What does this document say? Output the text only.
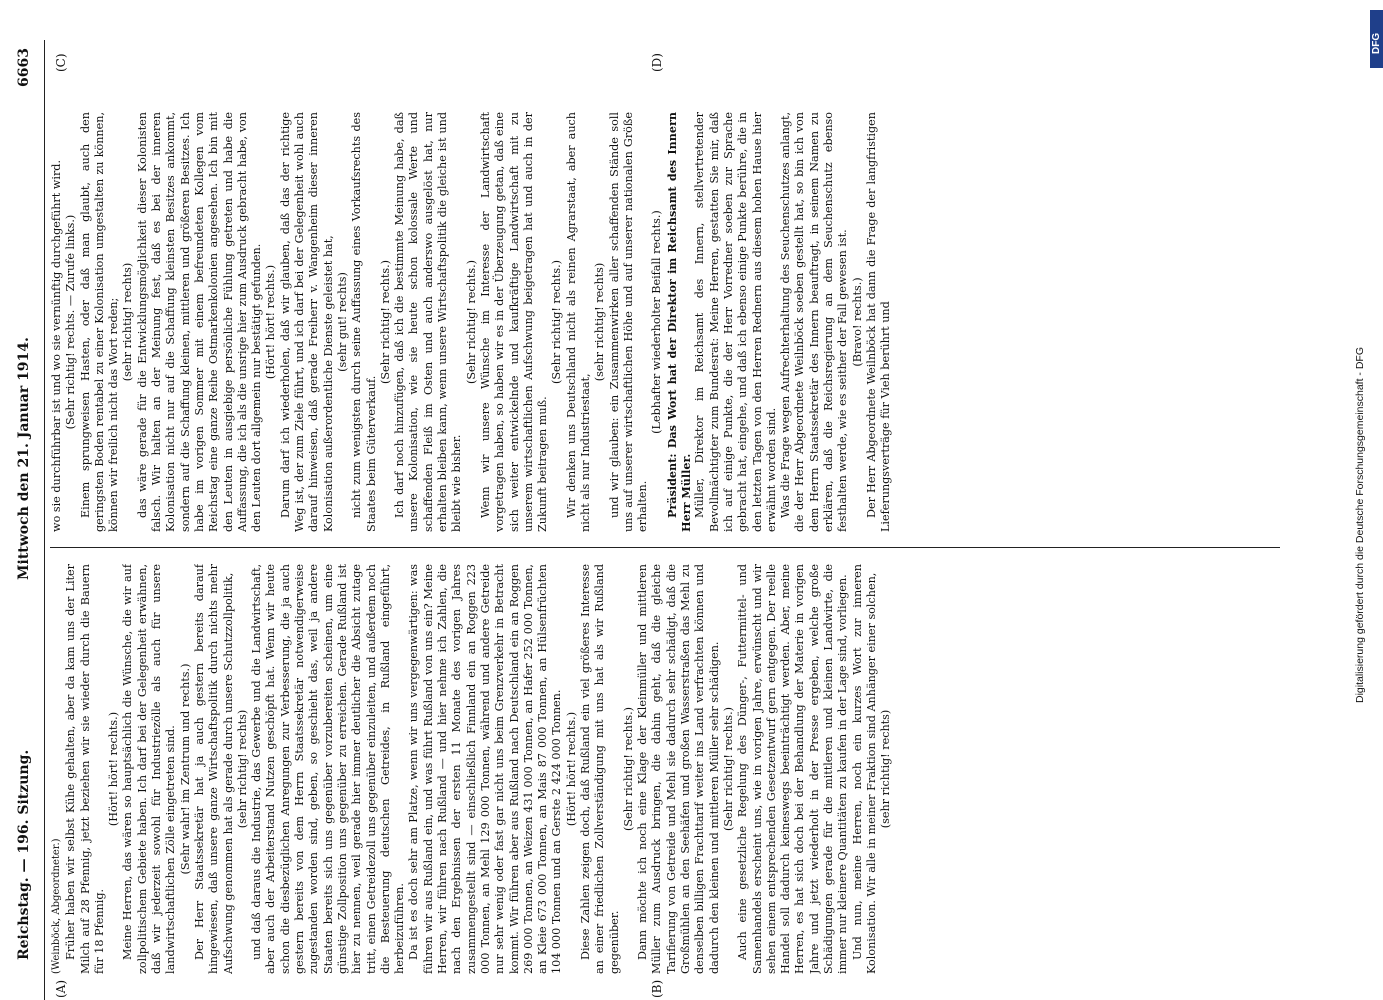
Reichstag. — 196. Sitzung.
Mittwoch den 21. Januar 1914.
6663
(A)	(B)
(C)	(D)

(Weinböck, Abgeordneter.) Früher haben wir selbst Kühe gehalten, aber da kam uns der Liter Milch auf 28 Pfennig, jetzt beziehen wir sie wieder durch die Bauern für 18 Pfennig.

(Hört! hört! rechts.) Meine Herren, das wären so hauptsächlich die Wünsche, die wir auf zollpolitischem Gebiete haben. Ich darf bei der Gelegenheit erwähnen, daß wir jederzeit sowohl für Industriezölle als auch für unsere landwirtschaftlichen Zölle eingetreten sind. (Sehr wahr! im Zentrum und rechts.) Der Herr Staatssekretär hat ja auch gestern bereits darauf hingewiesen, daß unsere ganze Wirtschaftspolitik durch nichts mehr Aufschwung genommen hat als gerade durch unsere Schutzzollpolitik, (sehr richtig! rechts) und daß daraus die Industrie, das Gewerbe und die Landwirtschaft, aber auch der Arbeiterstand Nutzen geschöpft hat. Wenn wir heute schon die diesbezüglichen Anregungen zur Verbesserung, die ja auch gestern bereits von dem Herrn Staatssekretär notwendigerweise zugestanden worden sind, geben, so geschieht das, weil ja andere Staaten bereits sich uns gegenüber vorzubereiten scheinen, um eine günstige Zollposition uns gegenüber zu erreichen. Gerade Rußland ist hier zu nennen, weil gerade hier immer deutlicher die Absicht zutage tritt, einen Getreidezoll uns gegenüber einzuleiten, und außerdem noch die Besteuerung deutschen Getreides, in Rußland eingeführt, herbeizuführen. Da ist es doch sehr am Platze, wenn wir uns vergegenwärtigen: was führen wir aus Rußland ein, und was führt Rußland von uns ein? Meine Herren, wir führen nach Rußland — und hier nehme ich Zahlen, die nach den Ergebnissen der ersten 11 Monate des vorigen Jahres zusammengestellt sind — einschließlich Finnland ein an Roggen 223 000 Tonnen, an Mehl 129 000 Tonnen, während und andere Getreide nur sehr wenig oder fast gar nicht uns beim Grenzverkehr in Betracht kommt. Wir führen aber aus Rußland nach Deutschland ein an Roggen 269 000 Tonnen, an Weizen 431 000 Tonnen, an Hafer 252 000 Tonnen, an Kleie 673 000 Tonnen, an Mais 87 000 Tonnen, an Hülsenfrüchten 104 000 Tonnen und an Gerste 2 424 000 Tonnen. (Hört! hört! rechts.) Diese Zahlen zeigen doch, daß Rußland ein viel größeres Interesse an einer friedlichen Zollverständigung mit uns hat als wir Rußland gegenüber.

(Sehr richtig! rechts.) Dann möchte ich noch eine Klage der Kleinmüller und mittleren Müller zum Ausdruck bringen, die dahin geht, daß die gleiche Tarifierung von Getreide und Mehl sie dadurch sehr schädigt, daß die Großmühlen an den Seehäfen und großen Wasserstraßen das Mehl zu denselben billigen Frachttarif weiter ins Land verfrachten können und dadurch den kleinen und mittleren Müller sehr schädigen. (Sehr richtig! rechts.) Auch eine gesetzliche Regelung des Dünger-, Futtermittel- und Samenhandels erscheint uns, wie in vorigen Jahre, erwünscht und wir sehen einem entsprechenden Gesetzentwurf gern entgegen. Der reelle Handel soll dadurch keineswegs beeinträchtigt werden. Aber, meine Herren, es hat sich doch bei der Behandlung der Materie in vorigen Jahre und jetzt wiederholt in der Presse ergeben, welche große Schädigungen gerade für die mittleren und kleinen Landwirte, die immer nur kleinere Quantitäten zu kaufen in der Lage sind, vorliegen. Und nun, meine Herren, noch ein kurzes Wort zur inneren Kolonisation. Wir alle in meiner Fraktion sind Anhänger einer solchen, (sehr richtig! rechts)

wo sie durchführbar ist und wo sie vernünftig durchgeführt wird. (Sehr richtig! rechts. — Zurufe links.) Einem sprungweisen Hasten, oder daß man glaubt, auch den geringsten Boden rentabel zu einer Kolonisation umgestalten zu können, können wir freilich nicht das Wort reden; (sehr richtig! rechts) das wäre gerade für die Entwicklungsmöglichkeit dieser Kolonisten falsch. Wir halten an der Meinung fest, daß es bei der inneren Kolonisation nicht nur auf die Schaffung kleinsten Besitzes ankommt, sondern auf die Schaffung kleinen, mittleren und größeren Besitzes. Ich habe im vorigen Sommer mit einem befreundeten Kollegen vom Reichstag eine ganze Reihe Ostmarkenkolonien angesehen. Ich bin mit den Leuten in ausgiebige persönliche Fühlung getreten und habe die Auffassung, die ich als die unsrige hier zum Ausdruck gebracht habe, von den Leuten dort allgemein nur bestätigt gefunden. (Hört! hört! rechts.) Darum darf ich wiederholen, daß wir glauben, daß das der richtige Weg ist, der zum Ziele führt, und ich darf bei der Gelegenheit wohl auch darauf hinweisen, daß gerade Freiherr v. Wangenheim dieser inneren Kolonisation außerordentliche Dienste geleistet hat, (sehr gut! rechts) nicht zum wenigsten durch seine Auffassung eines Vorkaufsrechts des Staates beim Güterverkauf.

(Sehr richtig! rechts.) Ich darf noch hinzufügen, daß ich die bestimmte Meinung habe, daß unsere Kolonisation, wie sie heute schon kolossale Werte und schaffenden Fleiß im Osten und auch anderswo ausgelöst hat, nur erhalten bleiben kann, wenn unsere Wirtschaftspolitik die gleiche ist und bleibt wie bisher.

(Sehr richtig! rechts.) Wenn wir unsere Wünsche im Interesse der Landwirtschaft vorgetragen haben, so haben wir es in der Überzeugung getan, daß eine sich weiter entwickelnde und kaufkräftige Landwirtschaft mit zu unserem wirtschaftlichen Aufschwung beigetragen hat und auch in der Zukunft beitragen muß.

(Sehr richtig! rechts.) Wir denken uns Deutschland nicht als reinen Agrarstaat, aber auch nicht als nur Industriestaat,

(sehr richtig! rechts) und wir glauben: ein Zusammenwirken aller schaffenden Stände soll uns auf unserer wirtschaftlichen Höhe und auf unserer nationalen Größe erhalten.

(Lebhafter wiederholter Beifall rechts.) Präsident: Das Wort hat der Direktor im Reichsamt des Innern Herr Müller. Müller, Direktor im Reichsamt des Innern, stellvertretender Bevollmächtigter zum Bundesrat: Meine Herren, gestatten Sie mir, daß ich auf einige Punkte, die der Herr Vorredner soeben zur Sprache gebracht hat, eingehe, und daß ich ebenso einige Punkte berühre, die in den letzten Tagen von den Herren Rednern aus diesem hohen Hause hier erwähnt worden sind. Was die Frage wegen Aufrechterhaltung des Seuchenschutzes anlangt, die der Herr Abgeordnete Weilnböck soeben gestellt hat, so bin ich von dem Herrn Staatssekretär des Innern beauftragt, in seinem Namen zu erklären, daß die Reichsregierung an dem Seuchenschutz ebenso festhalten werde, wie es seither der Fall gewesen ist. (Bravo! rechts.) Der Herr Abgeordnete Weilnböck hat dann die Frage der langfristigen Lieferungsverträge für Vieh berührt und	Digitalisierung gefördert durch die Deutsche Forschungsgemeinschaft - DFG
DFG
